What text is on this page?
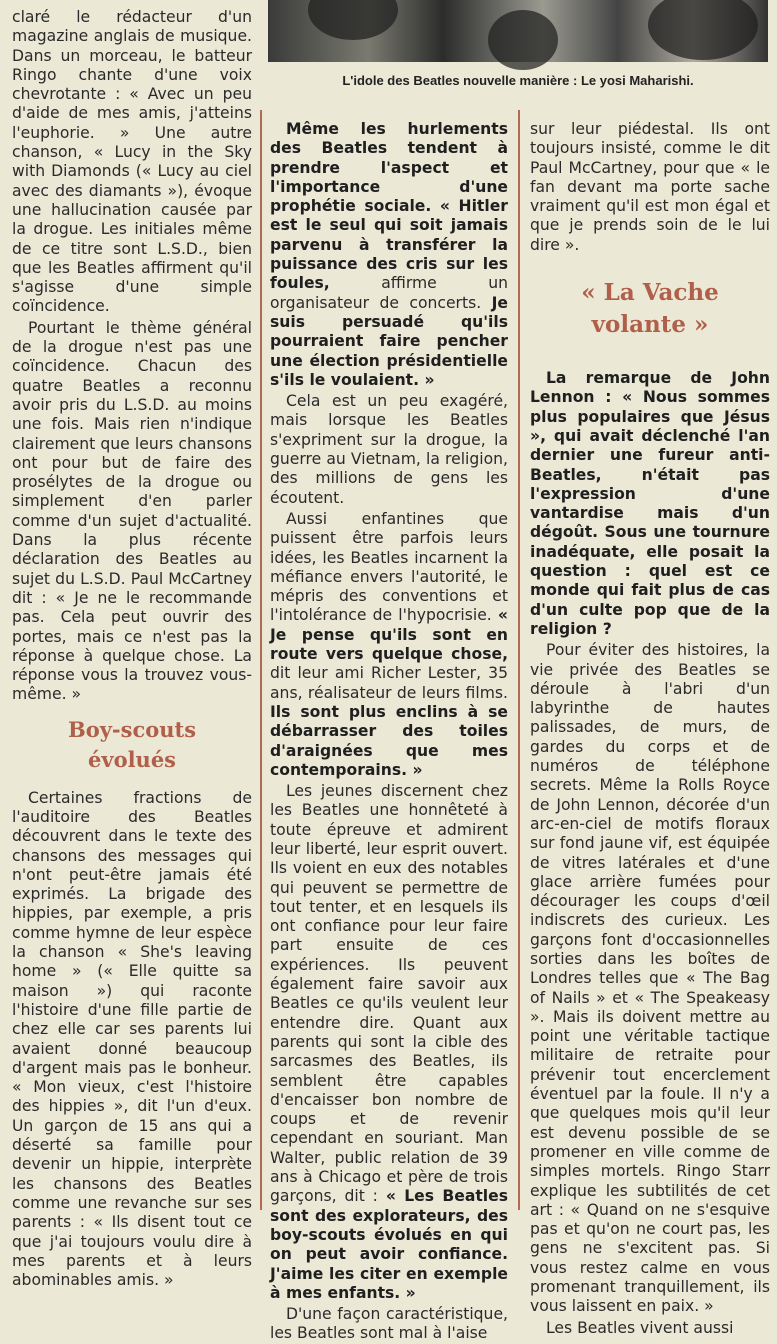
L'idole des Beatles nouvelle manière : Le yosi Maharishi.

claré le rédacteur d'un magazine anglais de musique. Dans un morceau, le batteur Ringo chante d'une voix chevrotante : « Avec un peu d'aide de mes amis, j'atteins l'euphorie. » Une autre chanson, « Lucy in the Sky with Diamonds (« Lucy au ciel avec des diamants »), évoque une hallucination causée par la drogue. Les initiales même de ce titre sont L.S.D., bien que les Beatles affirment qu'il s'agisse d'une simple coïncidence.

Pourtant le thème général de la drogue n'est pas une coïncidence. Chacun des quatre Beatles a reconnu avoir pris du L.S.D. au moins une fois. Mais rien n'indique clairement que leurs chansons ont pour but de faire des prosélytes de la drogue ou simplement d'en parler comme d'un sujet d'actualité. Dans la plus récente déclaration des Beatles au sujet du L.S.D. Paul McCartney dit : « Je ne le recommande pas. Cela peut ouvrir des portes, mais ce n'est pas la réponse à quelque chose. La réponse vous la trouvez vous-même. »

Boy-scouts
évolués

Certaines fractions de l'auditoire des Beatles découvrent dans le texte des chansons des messages qui n'ont peut-être jamais été exprimés. La brigade des hippies, par exemple, a pris comme hymne de leur espèce la chanson « She's leaving home » (« Elle quitte sa maison ») qui raconte l'histoire d'une fille partie de chez elle car ses parents lui avaient donné beaucoup d'argent mais pas le bonheur. « Mon vieux, c'est l'histoire des hippies », dit l'un d'eux. Un garçon de 15 ans qui a déserté sa famille pour devenir un hippie, interprète les chansons des Beatles comme une revanche sur ses parents : « Ils disent tout ce que j'ai toujours voulu dire à mes parents et à leurs abominables amis. »

Même les hurlements des Beatles tendent à prendre l'aspect et l'importance d'une prophétie sociale. « Hitler est le seul qui soit jamais parvenu à transférer la puissance des cris sur les foules, affirme un organisateur de concerts. Je suis persuadé qu'ils pourraient faire pencher une élection présidentielle s'ils le voulaient. »

Cela est un peu exagéré, mais lorsque les Beatles s'expriment sur la drogue, la guerre au Vietnam, la religion, des millions de gens les écoutent.

Aussi enfantines que puissent être parfois leurs idées, les Beatles incarnent la méfiance envers l'autorité, le mépris des conventions et l'intolérance de l'hypocrisie. « Je pense qu'ils sont en route vers quelque chose, dit leur ami Richer Lester, 35 ans, réalisateur de leurs films. Ils sont plus enclins à se débarrasser des toiles d'araignées que mes contemporains. »

Les jeunes discernent chez les Beatles une honnêteté à toute épreuve et admirent leur liberté, leur esprit ouvert. Ils voient en eux des notables qui peuvent se permettre de tout tenter, et en lesquels ils ont confiance pour leur faire part ensuite de ces expériences. Ils peuvent également faire savoir aux Beatles ce qu'ils veulent leur entendre dire. Quant aux parents qui sont la cible des sarcasmes des Beatles, ils semblent être capables d'encaisser bon nombre de coups et de revenir cependant en souriant. Man Walter, public relation de 39 ans à Chicago et père de trois garçons, dit : « Les Beatles sont des explorateurs, des boy-scouts évolués en qui on peut avoir confiance. J'aime les citer en exemple à mes enfants. »

D'une façon caractéristique, les Beatles sont mal à l'aise

sur leur piédestal. Ils ont toujours insisté, comme le dit Paul McCartney, pour que « le fan devant ma porte sache vraiment qu'il est mon égal et que je prends soin de le lui dire ».

« La Vache
volante »

La remarque de John Lennon : « Nous sommes plus populaires que Jésus », qui avait déclenché l'an dernier une fureur anti-Beatles, n'était pas l'expression d'une vantardise mais d'un dégoût. Sous une tournure inadéquate, elle posait la question : quel est ce monde qui fait plus de cas d'un culte pop que de la religion ?

Pour éviter des histoires, la vie privée des Beatles se déroule à l'abri d'un labyrinthe de hautes palissades, de murs, de gardes du corps et de numéros de téléphone secrets. Même la Rolls Royce de John Lennon, décorée d'un arc-en-ciel de motifs floraux sur fond jaune vif, est équipée de vitres latérales et d'une glace arrière fumées pour décourager les coups d'œil indiscrets des curieux. Les garçons font d'occasionnelles sorties dans les boîtes de Londres telles que « The Bag of Nails » et « The Speakeasy ». Mais ils doivent mettre au point une véritable tactique militaire de retraite pour prévenir tout encerclement éventuel par la foule. Il n'y a que quelques mois qu'il leur est devenu possible de se promener en ville comme de simples mortels. Ringo Starr explique les subtilités de cet art : « Quand on ne s'esquive pas et qu'on ne court pas, les gens ne s'excitent pas. Si vous restez calme en vous promenant tranquillement, ils vous laissent en paix. »

Les Beatles vivent aussi
